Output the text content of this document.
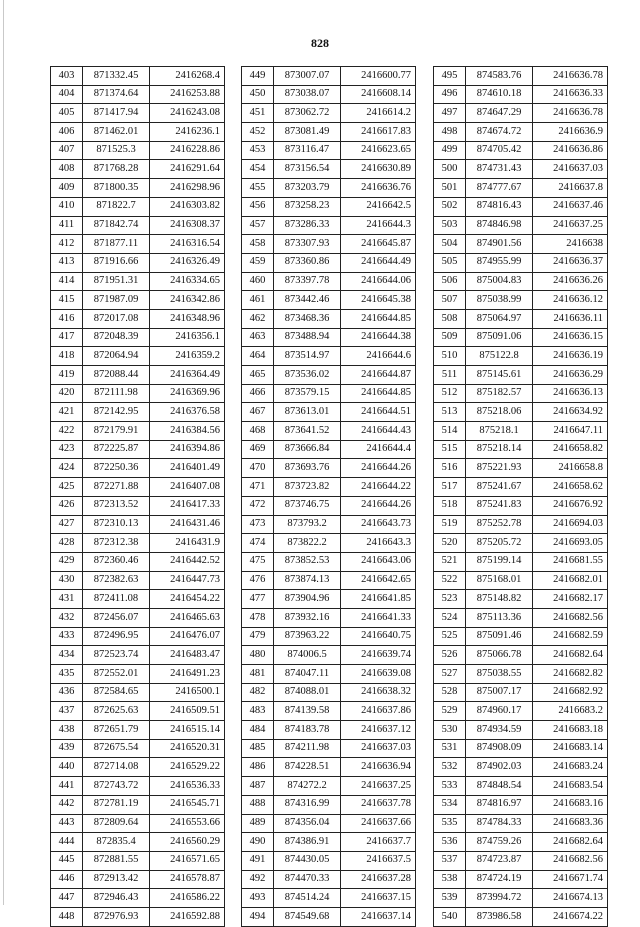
828
403	871332.45	2416268.4
404	871374.64	2416253.88
405	871417.94	2416243.08
406	871462.01	2416236.1
407	871525.3	2416228.86
408	871768.28	2416291.64
409	871800.35	2416298.96
410	871822.7	2416303.82
411	871842.74	2416308.37
412	871877.11	2416316.54
413	871916.66	2416326.49
414	871951.31	2416334.65
415	871987.09	2416342.86
416	872017.08	2416348.96
417	872048.39	2416356.1
418	872064.94	2416359.2
419	872088.44	2416364.49
420	872111.98	2416369.96
421	872142.95	2416376.58
422	872179.91	2416384.56
423	872225.87	2416394.86
424	872250.36	2416401.49
425	872271.88	2416407.08
426	872313.52	2416417.33
427	872310.13	2416431.46
428	872312.38	2416431.9
429	872360.46	2416442.52
430	872382.63	2416447.73
431	872411.08	2416454.22
432	872456.07	2416465.63
433	872496.95	2416476.07
434	872523.74	2416483.47
435	872552.01	2416491.23
436	872584.65	2416500.1
437	872625.63	2416509.51
438	872651.79	2416515.14
439	872675.54	2416520.31
440	872714.08	2416529.22
441	872743.72	2416536.33
442	872781.19	2416545.71
443	872809.64	2416553.66
444	872835.4	2416560.29
445	872881.55	2416571.65
446	872913.42	2416578.87
447	872946.43	2416586.22
448	872976.93	2416592.88
449	873007.07	2416600.77
450	873038.07	2416608.14
451	873062.72	2416614.2
452	873081.49	2416617.83
453	873116.47	2416623.65
454	873156.54	2416630.89
455	873203.79	2416636.76
456	873258.23	2416642.5
457	873286.33	2416644.3
458	873307.93	2416645.87
459	873360.86	2416644.49
460	873397.78	2416644.06
461	873442.46	2416645.38
462	873468.36	2416644.85
463	873488.94	2416644.38
464	873514.97	2416644.6
465	873536.02	2416644.87
466	873579.15	2416644.85
467	873613.01	2416644.51
468	873641.52	2416644.43
469	873666.84	2416644.4
470	873693.76	2416644.26
471	873723.82	2416644.22
472	873746.75	2416644.26
473	873793.2	2416643.73
474	873822.2	2416643.3
475	873852.53	2416643.06
476	873874.13	2416642.65
477	873904.96	2416641.85
478	873932.16	2416641.33
479	873963.22	2416640.75
480	874006.5	2416639.74
481	874047.11	2416639.08
482	874088.01	2416638.32
483	874139.58	2416637.86
484	874183.78	2416637.12
485	874211.98	2416637.03
486	874228.51	2416636.94
487	874272.2	2416637.25
488	874316.99	2416637.78
489	874356.04	2416637.66
490	874386.91	2416637.7
491	874430.05	2416637.5
492	874470.33	2416637.28
493	874514.24	2416637.15
494	874549.68	2416637.14
495	874583.76	2416636.78
496	874610.18	2416636.33
497	874647.29	2416636.78
498	874674.72	2416636.9
499	874705.42	2416636.86
500	874731.43	2416637.03
501	874777.67	2416637.8
502	874816.43	2416637.46
503	874846.98	2416637.25
504	874901.56	2416638
505	874955.99	2416636.37
506	875004.83	2416636.26
507	875038.99	2416636.12
508	875064.97	2416636.11
509	875091.06	2416636.15
510	875122.8	2416636.19
511	875145.61	2416636.29
512	875182.57	2416636.13
513	875218.06	2416634.92
514	875218.1	2416647.11
515	875218.14	2416658.82
516	875221.93	2416658.8
517	875241.67	2416658.62
518	875241.83	2416676.92
519	875252.78	2416694.03
520	875205.72	2416693.05
521	875199.14	2416681.55
522	875168.01	2416682.01
523	875148.82	2416682.17
524	875113.36	2416682.56
525	875091.46	2416682.59
526	875066.78	2416682.64
527	875038.55	2416682.82
528	875007.17	2416682.92
529	874960.17	2416683.2
530	874934.59	2416683.18
531	874908.09	2416683.14
532	874902.03	2416683.24
533	874848.54	2416683.54
534	874816.97	2416683.16
535	874784.33	2416683.36
536	874759.26	2416682.64
537	874723.87	2416682.56
538	874724.19	2416671.74
539	873994.72	2416674.13
540	873986.58	2416674.22
